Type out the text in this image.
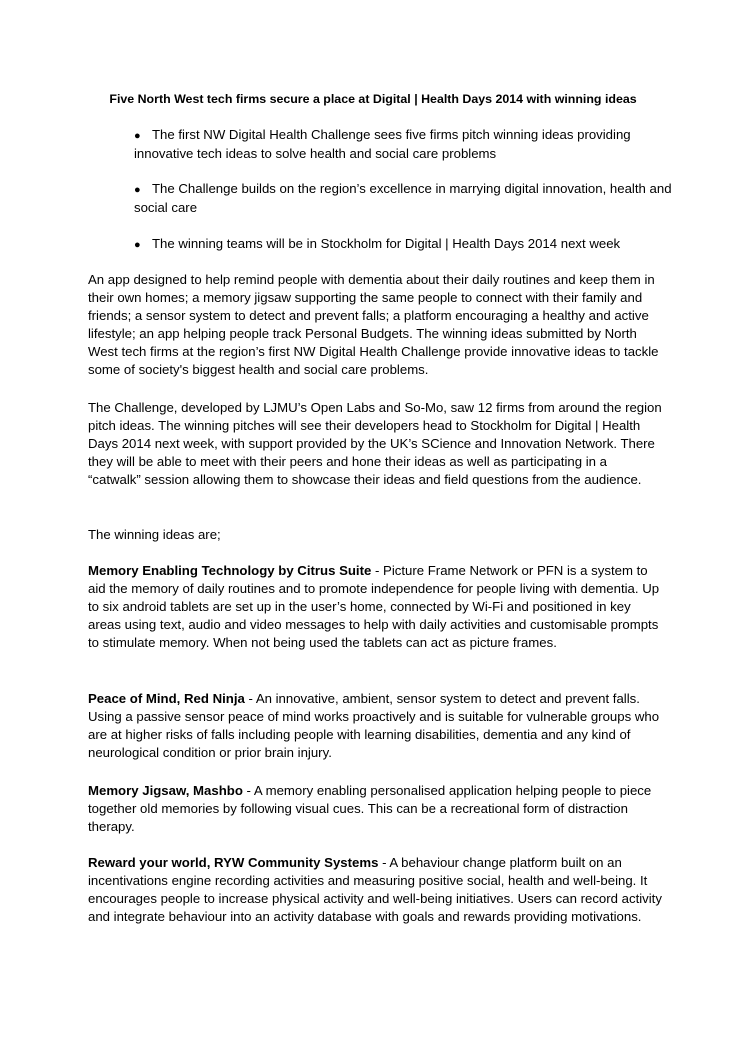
Five North West tech firms secure a place at Digital | Health Days 2014 with winning ideas
● The first NW Digital Health Challenge sees five firms pitch winning ideas providing innovative tech ideas to solve health and social care problems
● The Challenge builds on the region’s excellence in marrying digital innovation, health and social care
● The winning teams will be in Stockholm for Digital | Health Days 2014 next week
An app designed to help remind people with dementia about their daily routines and keep them in their own homes; a memory jigsaw supporting the same people to connect with their family and friends; a sensor system to detect and prevent falls; a platform encouraging a healthy and active lifestyle; an app helping people track Personal Budgets. The winning ideas submitted by North West tech firms at the region’s first NW Digital Health Challenge provide innovative ideas to tackle some of society's biggest health and social care problems.
The Challenge, developed by LJMU’s Open Labs and So-Mo, saw 12 firms from around the region pitch ideas. The winning pitches will see their developers head to Stockholm for Digital | Health Days 2014 next week, with support provided by the UK’s SCience and Innovation Network. There they will be able to meet with their peers and hone their ideas as well as participating in a “catwalk” session allowing them to showcase their ideas and field questions from the audience.
The winning ideas are;
Memory Enabling Technology by Citrus Suite - Picture Frame Network or PFN is a system to aid the memory of daily routines and to promote independence for people living with dementia. Up to six android tablets are set up in the user’s home, connected by Wi-Fi and positioned in key areas using text, audio and video messages to help with daily activities and customisable prompts to stimulate memory. When not being used the tablets can act as picture frames.
Peace of Mind, Red Ninja - An innovative, ambient, sensor system to detect and prevent falls. Using a passive sensor peace of mind works proactively and is suitable for vulnerable groups who are at higher risks of falls including people with learning disabilities, dementia and any kind of neurological condition or prior brain injury.
Memory Jigsaw, Mashbo - A memory enabling personalised application helping people to piece together old memories by following visual cues. This can be a recreational form of distraction therapy.
Reward your world, RYW Community Systems - A behaviour change platform built on an incentivations engine recording activities and measuring positive social, health and well-being. It encourages people to increase physical activity and well-being initiatives. Users can record activity and integrate behaviour into an activity database with goals and rewards providing motivations.
